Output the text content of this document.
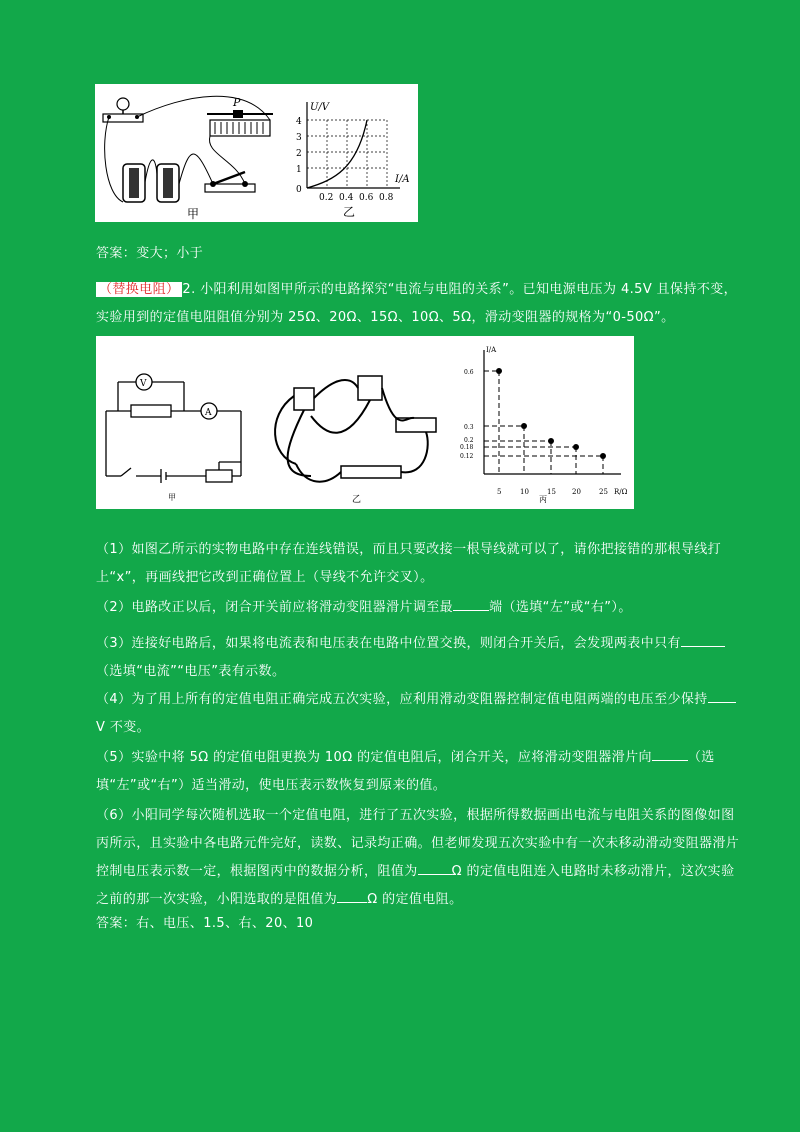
P
甲
U/V
I/A
4
3
2
1
0
0.2 0.4 0.6 0.8
乙
答案：变大；小于
（替换电阻） 2. 小阳利用如图甲所示的电路探究“电流与电阻的关系”。已知电源电压为 4.5V 且保持不变，实验用到的定值电阻阻值分别为 25Ω、20Ω、15Ω、10Ω、5Ω，滑动变阻器的规格为“0-50Ω”。
V
A
甲	乙
I/A
R/Ω
0.6
0.3
0.2
0.18
0.12
5	10	15 20	25
丙
（1）如图乙所示的实物电路中存在连线错误，而且只要改接一根导线就可以了，请你把接错的那根导线打上“x”，再画线把它改到正确位置上（导线不允许交叉）。
（2）电路改正以后，闭合开关前应将滑动变阻器滑片调至最	端（选填“左”或“右”）。
（3）连接好电路后，如果将电流表和电压表在电路中位置交换，则闭合开关后，会发现两表中只有（选填“电流”“电压”表有示数。
（4）为了用上所有的定值电阻正确完成五次实验，应利用滑动变阻器控制定值电阻两端的电压至少保持V 不变。
（5）实验中将 5Ω 的定值电阻更换为 10Ω 的定值电阻后，闭合开关，应将滑动变阻器滑片向	（选填“左”或“右”）适当滑动，使电压表示数恢复到原来的值。
（6）小阳同学每次随机选取一个定值电阻，进行了五次实验，根据所得数据画出电流与电阻关系的图像如图丙所示，且实验中各电路元件完好，读数、记录均正确。但老师发现五次实验中有一次未移动滑动变阻器滑片控制电压表示数一定，根据图丙中的数据分析，阻值为	Ω 的定值电阻连入电路时未移动滑片，这次实验之前的那一次实验，小阳选取的是阻值为 Ω 的定值电阻。
答案：右、电压、1.5、右、20、10
